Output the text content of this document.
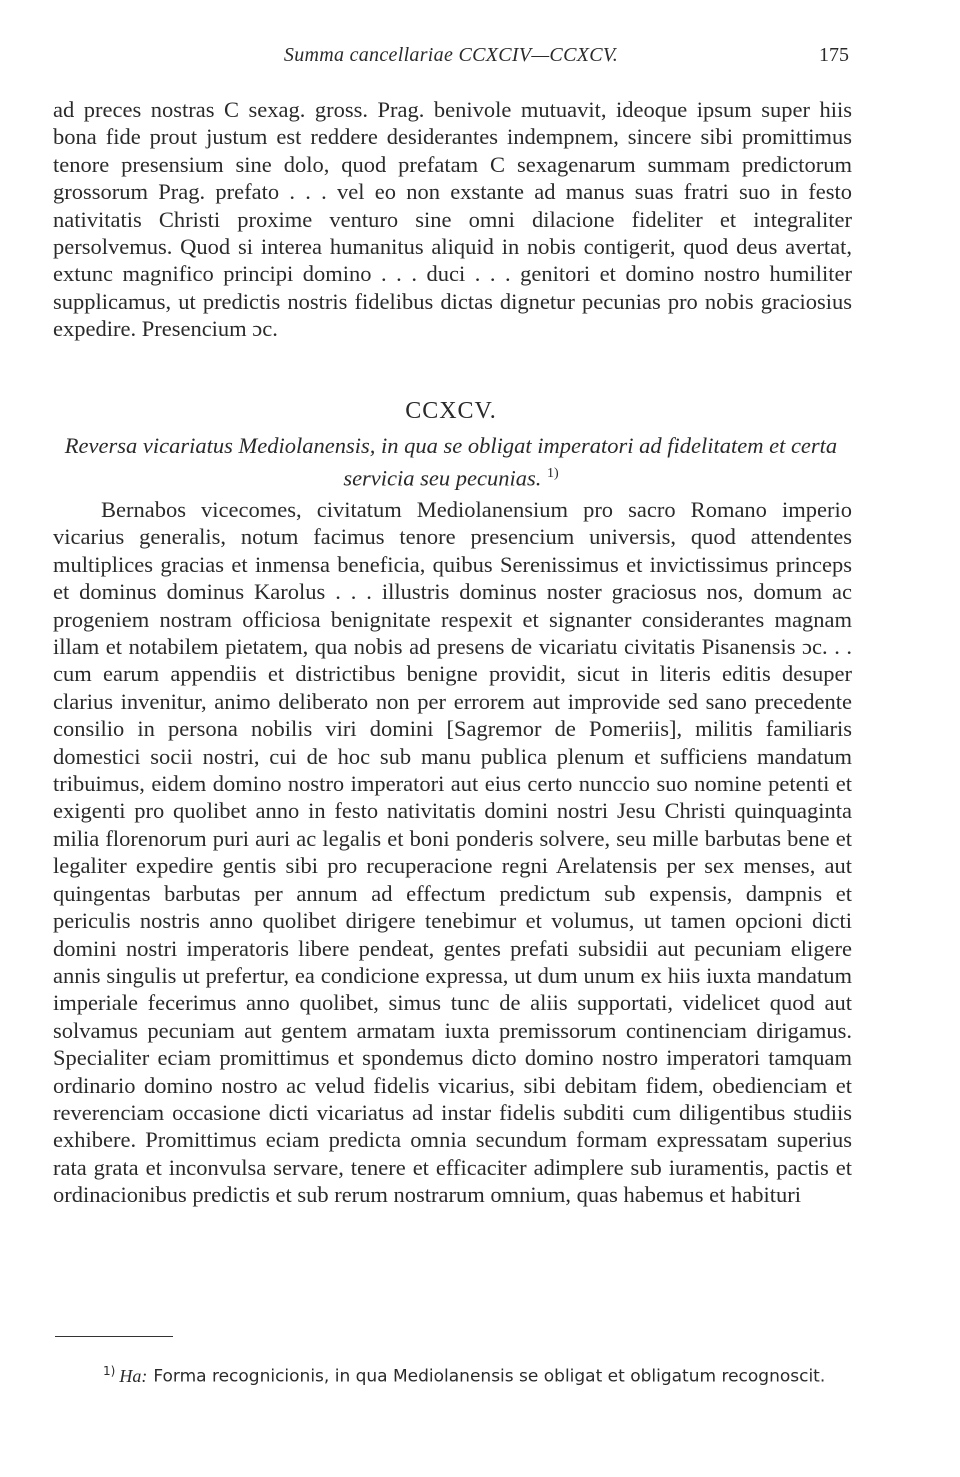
Summa cancellariae CCXCIV—CCXCV.	175

ad preces nostras C sexag. gross. Prag. benivole mutuavit, ideoque ipsum super hiis bona fide prout justum est reddere desiderantes indempnem, sincere sibi promittimus tenore presensium sine dolo, quod prefatam C sexagenarum summam predictorum grossorum Prag. prefato . . . vel eo non exstante ad manus suas fratri suo in festo nativitatis Christi proxime venturo sine omni dilacione fideliter et integraliter persolvemus. Quod si interea humanitus aliquid in nobis contigerit, quod deus avertat, extunc magnifico principi domino . . . duci . . . genitori et domino nostro humiliter supplicamus, ut predictis nostris fidelibus dictas dignetur pecunias pro nobis graciosius expedire. Presencium ɔc.

CCXCV.
Reversa vicariatus Mediolanensis, in qua se obligat imperatori ad fidelitatem et certa servicia seu pecunias. $^{1)}$

Bernabos vicecomes, civitatum Mediolanensium pro sacro Romano imperio vicarius generalis, notum facimus tenore presencium universis, quod attendentes multiplices gracias et inmensa beneficia, quibus Serenissimus et invictissimus princeps et dominus dominus Karolus . . . illustris dominus noster graciosus nos, domum ac progeniem nostram officiosa benignitate respexit et signanter considerantes magnam illam et notabilem pietatem, qua nobis ad presens de vicariatu civitatis Pisanensis ɔc. . . cum earum appendiis et districtibus benigne providit, sicut in literis editis desuper clarius invenitur, animo deliberato non per errorem aut improvide sed sano precedente consilio in persona nobilis viri domini [Sagremor de Pomeriis], militis familiaris domestici socii nostri, cui de hoc sub manu publica plenum et sufficiens mandatum tribuimus, eidem domino nostro imperatori aut eius certo nunccio suo nomine petenti et exigenti pro quolibet anno in festo nativitatis domini nostri Jesu Christi quinquaginta milia florenorum puri auri ac legalis et boni ponderis solvere, seu mille barbutas bene et legaliter expedire gentis sibi pro recuperacione regni Arelatensis per sex menses, aut quingentas barbutas per annum ad effectum predictum sub expensis, dampnis et periculis nostris anno quolibet dirigere tenebimur et volumus, ut tamen opcioni dicti domini nostri imperatoris libere pendeat, gentes prefati subsidii aut pecuniam eligere annis singulis ut prefertur, ea condicione expressa, ut dum unum ex hiis iuxta mandatum imperiale fecerimus anno quolibet, simus tunc de aliis supportati, videlicet quod aut solvamus pecuniam aut gentem armatam iuxta premissorum continenciam dirigamus. Specialiter eciam promittimus et spondemus dicto domino nostro imperatori tamquam ordinario domino nostro ac velud fidelis vicarius, sibi debitam fidem, obedienciam et reverenciam occasione dicti vicariatus ad instar fidelis subditi cum diligentibus studiis exhibere. Promittimus eciam predicta omnia secundum formam expressatam superius rata grata et inconvulsa servare, tenere et efficaciter adimplere sub iuramentis, pactis et ordinacionibus predictis et sub rerum nostrarum omnium, quas habemus et habituri

$^{1)}$ Ha: Forma recognicionis, in qua Mediolanensis se obligat et obligatum recognoscit.
